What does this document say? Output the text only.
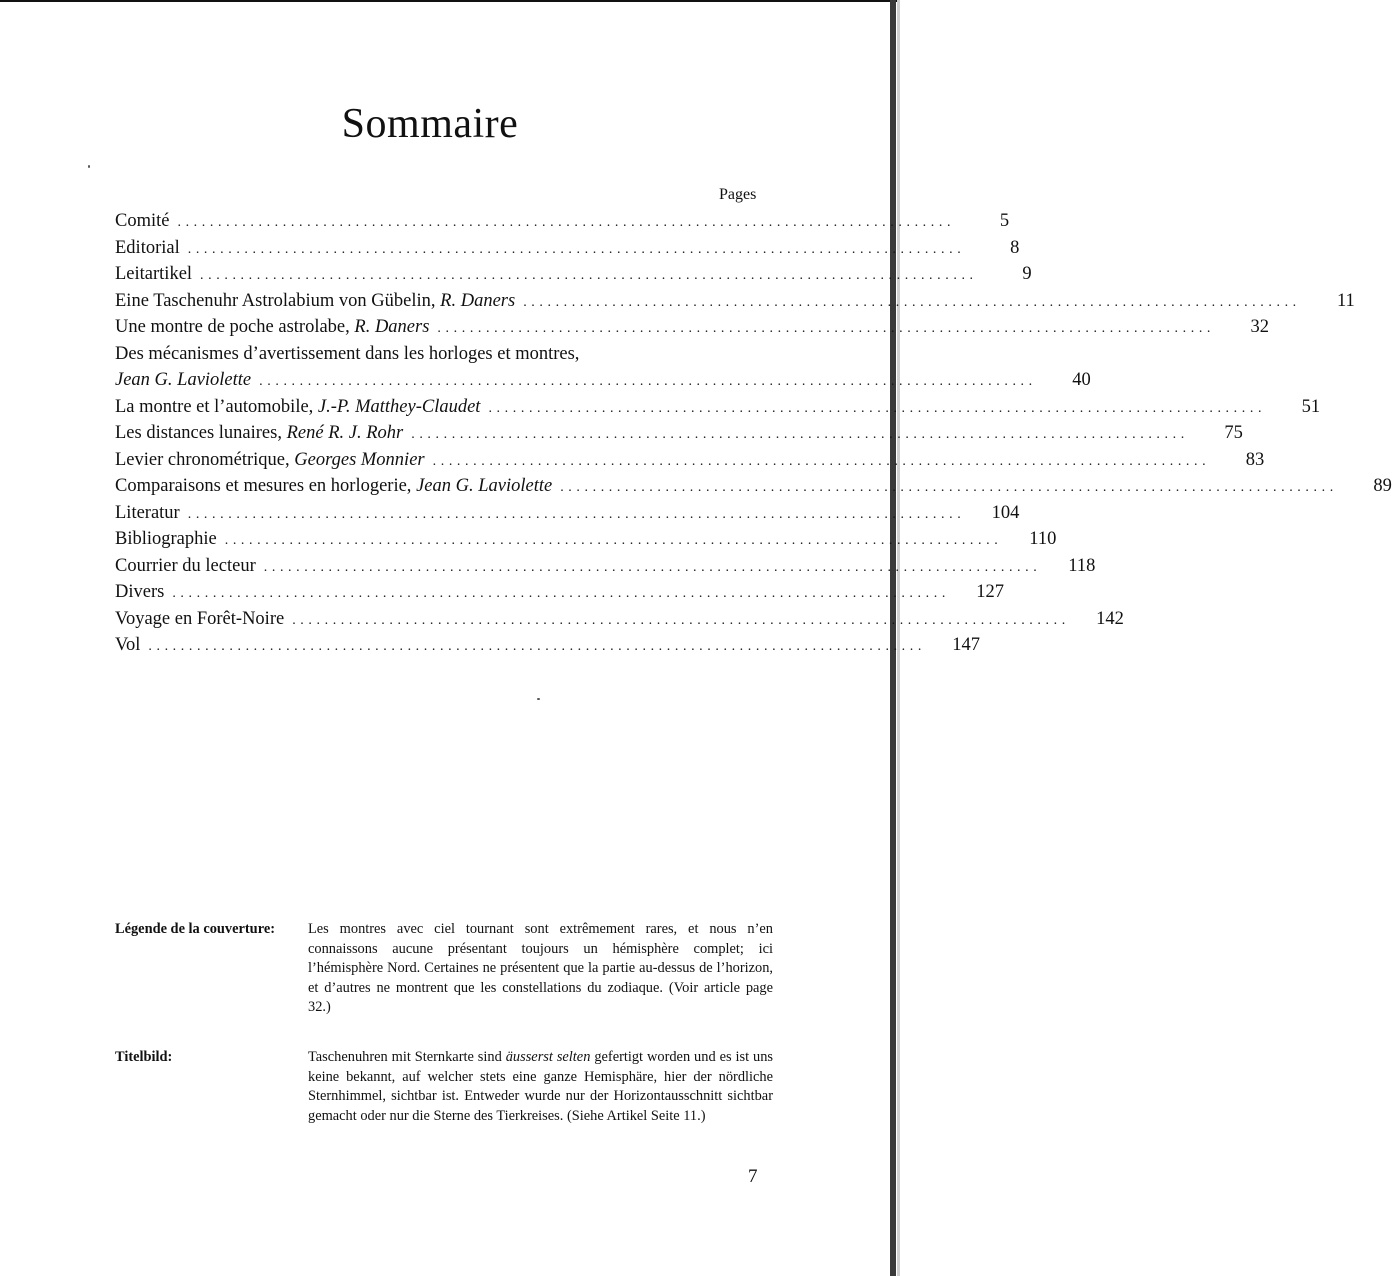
Sommaire
Pages
Comité ................................................................................................	5
Editorial ................................................................................................	8
Leitartikel ................................................................................................	9
Eine Taschenuhr Astrolabium von Gübelin, R. Daners ................................................................................................	11
Une montre de poche astrolabe, R. Daners ................................................................................................	32
Des mécanismes d’avertissement dans les horloges et montres,
Jean G. Laviolette ................................................................................................	40
La montre et l’automobile, J.-P. Matthey-Claudet ................................................................................................	51
Les distances lunaires, René R. J. Rohr ................................................................................................	75
Levier chronométrique, Georges Monnier ................................................................................................	83
Comparaisons et mesures en horlogerie, Jean G. Laviolette ................................................................................................	89
Literatur ................................................................................................	104
Bibliographie ................................................................................................	110
Courrier du lecteur ................................................................................................	118
Divers ................................................................................................	127
Voyage en Forêt-Noire ................................................................................................	142
Vol ................................................................................................	147
Légende de la couverture: Les montres avec ciel tournant sont extrêmement rares, et nous n’en connaissons aucune présentant toujours un hémisphère complet; ici l’hémisphère Nord. Certaines ne présentent que la partie au-dessus de l’horizon, et d’autres ne montrent que les constellations du zodiaque. (Voir article page 32.)
Titelbild:	Taschenuhren mit Sternkarte sind äusserst selten gefertigt worden und es ist uns keine bekannt, auf welcher stets eine ganze Hemisphäre, hier der nördliche Sternhimmel, sichtbar ist. Entweder wurde nur der Horizontausschnitt sichtbar gemacht oder nur die Sterne des Tierkreises. (Siehe Artikel Seite 11.)
7
